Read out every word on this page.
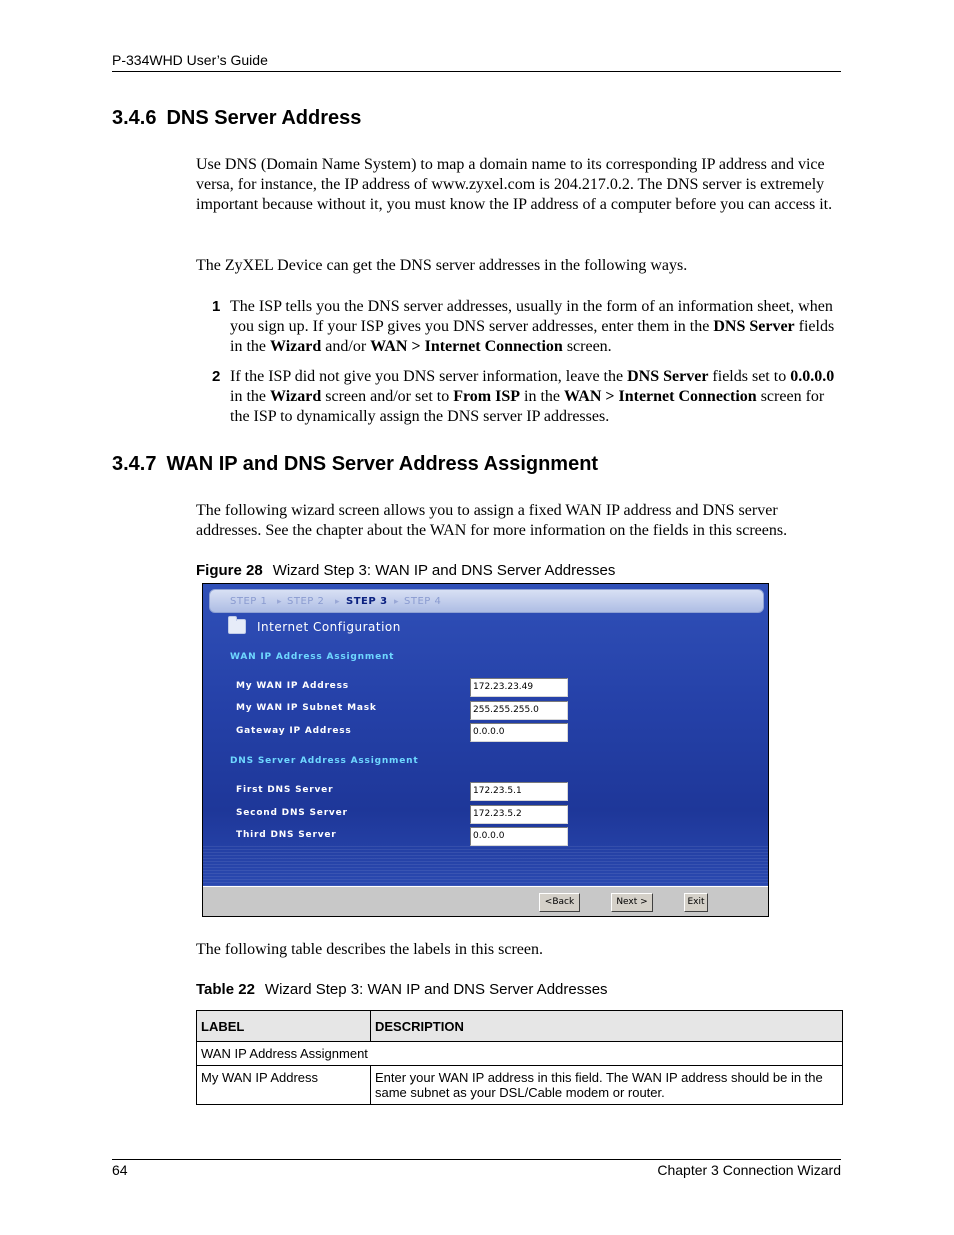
P-334WHD User’s Guide
3.4.6 DNS Server Address

Use DNS (Domain Name System) to map a domain name to its corresponding IP address and vice versa, for instance, the IP address of www.zyxel.com is 204.217.0.2. The DNS server is extremely important because without it, you must know the IP address of a computer before you can access it.

The ZyXEL Device can get the DNS server addresses in the following ways.

1 The ISP tells you the DNS server addresses, usually in the form of an information sheet, when you sign up. If your ISP gives you DNS server addresses, enter them in the DNS Server fields in the Wizard and/or WAN > Internet Connection screen.
2 If the ISP did not give you DNS server information, leave the DNS Server fields set to 0.0.0.0 in the Wizard screen and/or set to From ISP in the WAN > Internet Connection screen for the ISP to dynamically assign the DNS server IP addresses.
3.4.7 WAN IP and DNS Server Address Assignment

The following wizard screen allows you to assign a fixed WAN IP address and DNS server addresses. See the chapter about the WAN for more information on the fields in this screens.

Figure 28 Wizard Step 3: WAN IP and DNS Server Addresses
STEP 1 ▸ STEP 2 ▸ STEP 3 ▸ STEP 4
Internet Configuration
WAN IP Address Assignment
My WAN IP Address	172.23.23.49
My WAN IP Subnet Mask	255.255.255.0
Gateway IP Address	0.0.0.0
DNS Server Address Assignment
First DNS Server	172.23.5.1
Second DNS Server	172.23.5.2
Third DNS Server	0.0.0.0
<Back	Next >	Exit

The following table describes the labels in this screen.

Table 22 Wizard Step 3: WAN IP and DNS Server Addresses
LABEL	DESCRIPTION
WAN IP Address Assignment	
My WAN IP Address	Enter your WAN IP address in this field. The WAN IP address should be in the same subnet as your DSL/Cable modem or router.
64	Chapter 3 Connection Wizard
